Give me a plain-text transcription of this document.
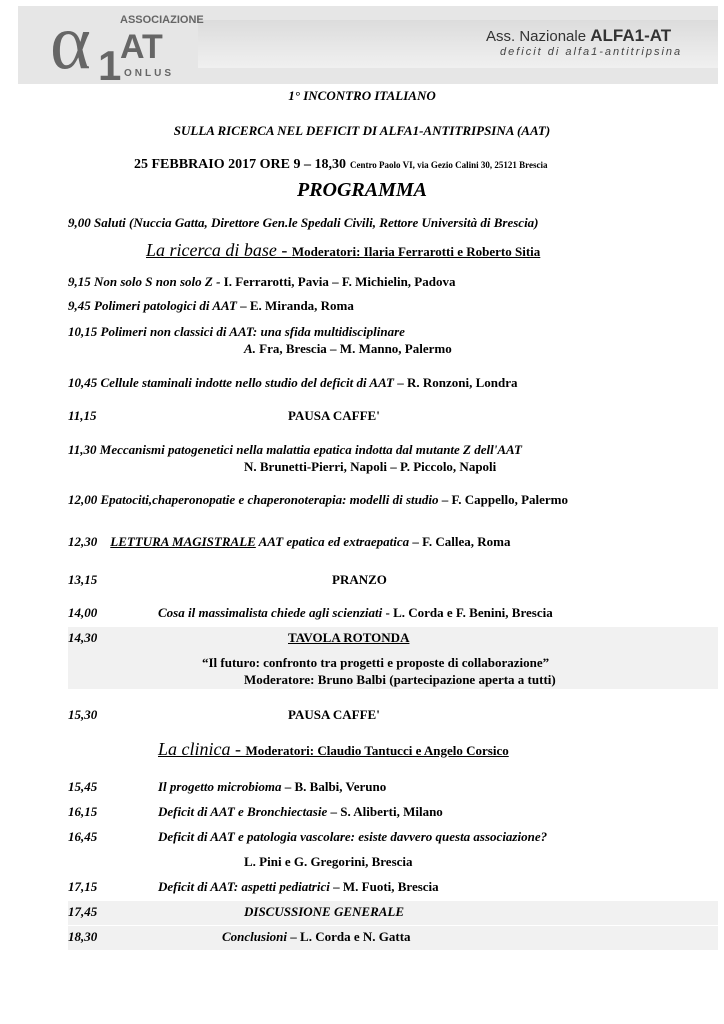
α 1
ASSOCIAZIONE
AT
ONLUS
Ass. Nazionale ALFA1-AT
deficit di alfa1-antitripsina
1° INCONTRO ITALIANO
SULLA RICERCA NEL DEFICIT DI ALFA1-ANTITRIPSINA (AAT)
25 FEBBRAIO 2017 ORE 9 – 18,30 Centro Paolo VI, via Gezio Calini 30, 25121 Brescia
PROGRAMMA
9,00 Saluti (Nuccia Gatta, Direttore Gen.le Spedali Civili, Rettore Università di Brescia)
La ricerca di base - Moderatori: Ilaria Ferrarotti e Roberto Sitia
9,15 Non solo S non solo Z - I. Ferrarotti, Pavia – F. Michielin, Padova
9,45 Polimeri patologici di AAT – E. Miranda, Roma
10,15 Polimeri non classici di AAT: una sfida multidisciplinare
A. Fra, Brescia – M. Manno, Palermo
10,45 Cellule staminali indotte nello studio del deficit di AAT – R. Ronzoni, Londra
11,15	PAUSA CAFFE'
11,30 Meccanismi patogenetici nella malattia epatica indotta dal mutante Z dell'AAT
N. Brunetti-Pierri, Napoli – P. Piccolo, Napoli
12,00 Epatociti,chaperonopatie e chaperonoterapia: modelli di studio – F. Cappello, Palermo
12,30 LETTURA MAGISTRALE AAT epatica ed extraepatica – F. Callea, Roma
13,15	PRANZO
14,00	Cosa il massimalista chiede agli scienziati - L. Corda e F. Benini, Brescia
14,30	TAVOLA ROTONDA
“Il futuro: confronto tra progetti e proposte di collaborazione”
Moderatore: Bruno Balbi (partecipazione aperta a tutti)
15,30	PAUSA CAFFE'
La clinica - Moderatori: Claudio Tantucci e Angelo Corsico
15,45	Il progetto microbioma – B. Balbi, Veruno
16,15	Deficit di AAT e Bronchiectasie – S. Aliberti, Milano
16,45	Deficit di AAT e patologia vascolare: esiste davvero questa associazione?
L. Pini e G. Gregorini, Brescia
17,15	Deficit di AAT: aspetti pediatrici – M. Fuoti, Brescia
17,45	DISCUSSIONE GENERALE
18,30	Conclusioni – L. Corda e N. Gatta
